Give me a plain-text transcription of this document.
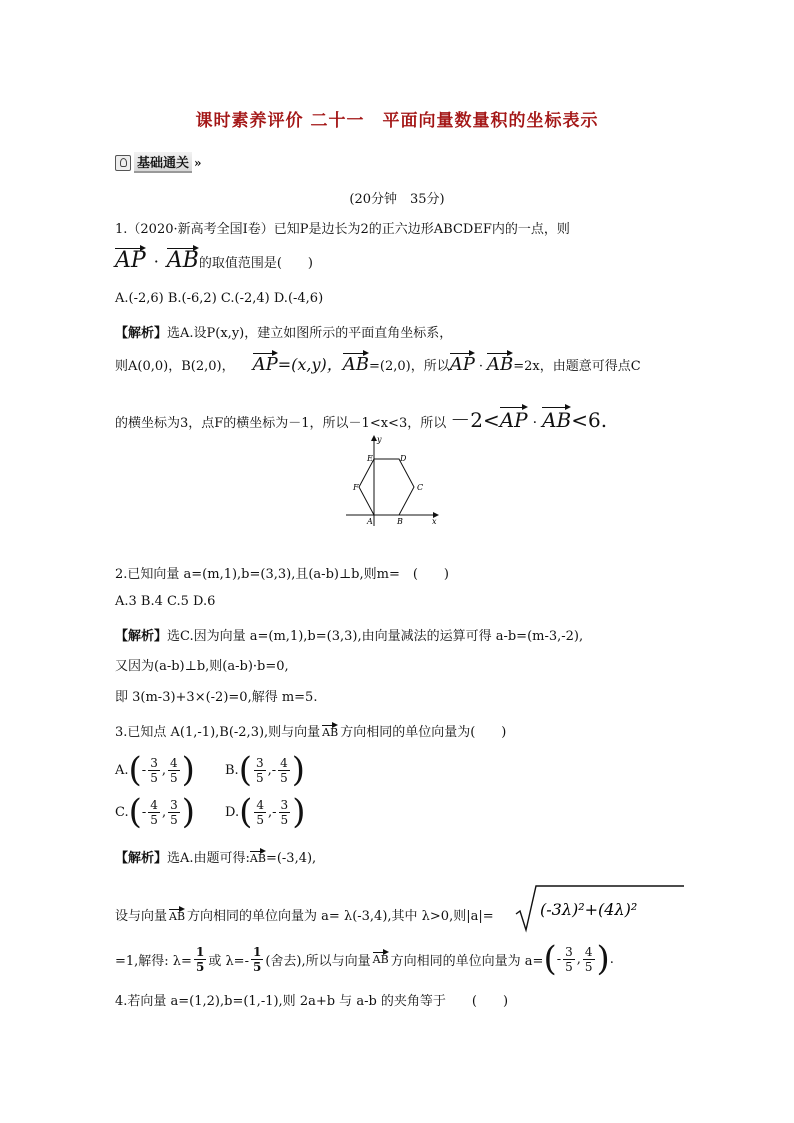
课时素养评价 二十一　平面向量数量积的坐标表示
基础通关 »
(20分钟　35分)
1.（2020·新高考全国Ⅰ卷）已知P是边长为2的正六边形ABCDEF内的一点，则
AP · AB 的取值范围是(　　)
A.(-2,6) B.(-6,2) C.(-2,4) D.(-4,6)
【解析】选A.设P(x,y)，建立如图所示的平面直角坐标系，
则A(0,0)，B(2,0)， AP =(x,y)， AB =(2,0)，所以 AP · AB =2x，由题意可得点C
的横坐标为3，点F的横坐标为－1，所以－1<x<3，所以 －2< AP · AB <6.
y
x
E	D
F	C
A	B
2.已知向量 a=(m,1),b=(3,3),且(a-b)⊥b,则m=　(　　)
A.3 B.4 C.5 D.6
【解析】选C.因为向量 a=(m,1),b=(3,3),由向量减法的运算可得 a-b=(m-3,-2),
又因为(a-b)⊥b,则(a-b)·b=0,
即 3(m-3)+3×(-2)=0,解得 m=5.
3.已知点 A(1,-1),B(-2,3),则与向量 AB 方向相同的单位向量为(　　)
A. ( - $\frac{3}{5}$ , $\frac{4}{5}$ ) B. ( $\frac{3}{5}$ , - $\frac{4}{5}$ )
C. ( - $\frac{4}{5}$ , $\frac{3}{5}$ ) D. ( $\frac{4}{5}$ , - $\frac{3}{5}$ )
【解析】 选A.由题可得: AB =(-3,4),
设与向量 AB 方向相同的单位向量为 a= λ(-3,4),其中 λ>0,则|a|=	(-3λ)²+(4λ)²
=1,解得: $\lambda= \frac{1}{5}$ 或 $\lambda=- \frac{1}{5}$ (舍去),所以与向量 AB 方向相同的单位向量为 a= ( - $\frac{3}{5}$ , $\frac{4}{5}$ ) .
4.若向量 a=(1,2),b=(1,-1),则 2a+b 与 a-b 的夹角等于　　(　　)
